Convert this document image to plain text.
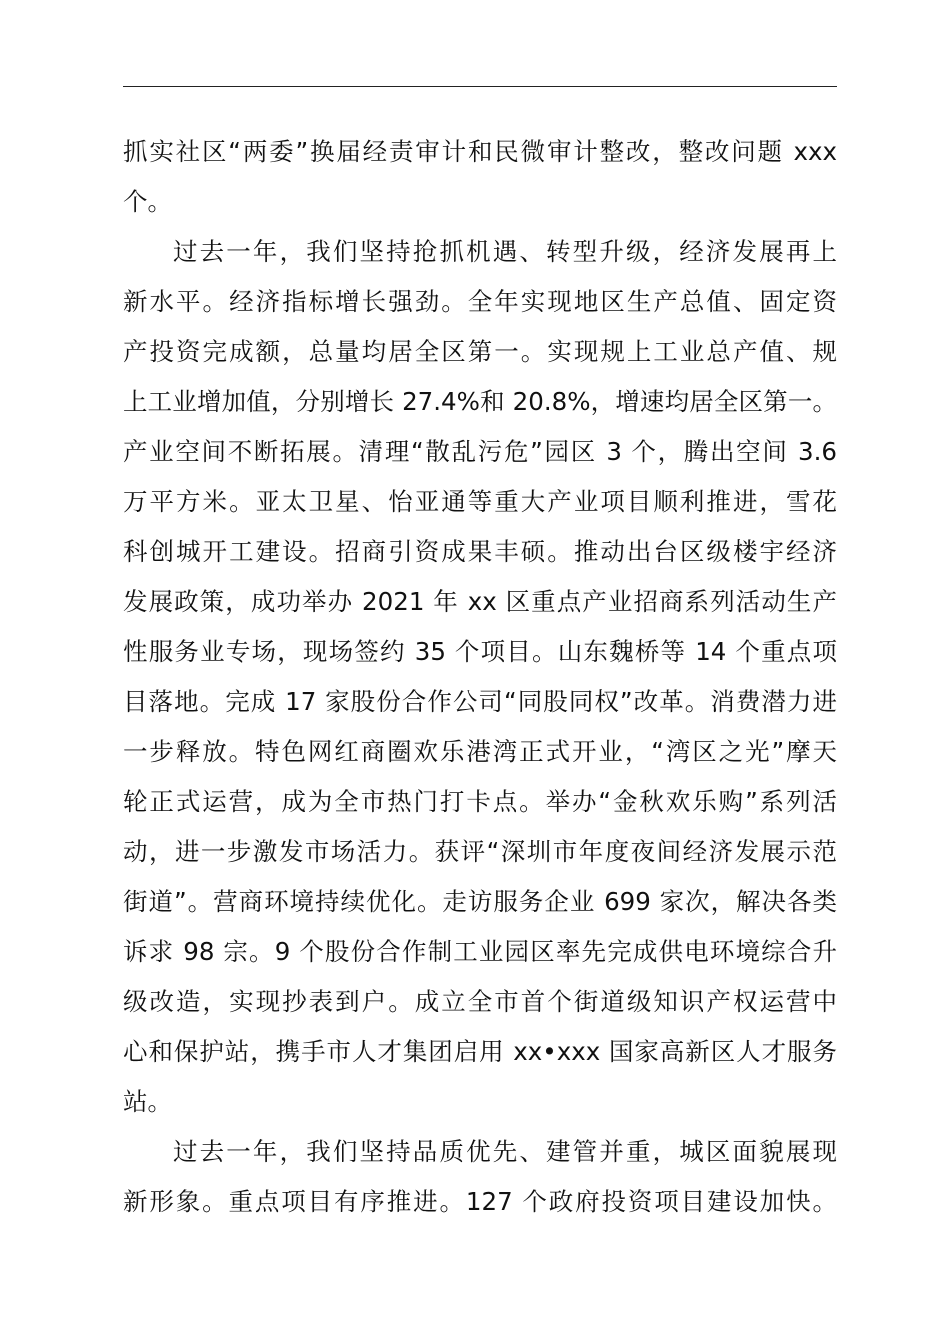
抓实社区“两委”换届经责审计和民微审计整改，整改问题 xxx
个。
过去一年，我们坚持抢抓机遇、转型升级，经济发展再上
新水平。经济指标增长强劲。全年实现地区生产总值、固定资
产投资完成额，总量均居全区第一。实现规上工业总产值、规
上工业增加值，分别增长 27.4%和 20.8%，增速均居全区第一。
产业空间不断拓展。清理“散乱污危”园区 3 个，腾出空间 3.6
万平方米。亚太卫星、怡亚通等重大产业项目顺利推进，雪花
科创城开工建设。招商引资成果丰硕。推动出台区级楼宇经济
发展政策，成功举办 2021 年 xx 区重点产业招商系列活动生产
性服务业专场，现场签约 35 个项目。山东魏桥等 14 个重点项
目落地。完成 17 家股份合作公司“同股同权”改革。消费潜力进
一步释放。特色网红商圈欢乐港湾正式开业，“湾区之光”摩天
轮正式运营，成为全市热门打卡点。举办“金秋欢乐购”系列活
动，进一步激发市场活力。获评“深圳市年度夜间经济发展示范
街道”。营商环境持续优化。走访服务企业 699 家次，解决各类
诉求 98 宗。9 个股份合作制工业园区率先完成供电环境综合升
级改造，实现抄表到户。成立全市首个街道级知识产权运营中
心和保护站，携手市人才集团启用 xx•xxx 国家高新区人才服务
站。
过去一年，我们坚持品质优先、建管并重，城区面貌展现
新形象。重点项目有序推进。127 个政府投资项目建设加快。
